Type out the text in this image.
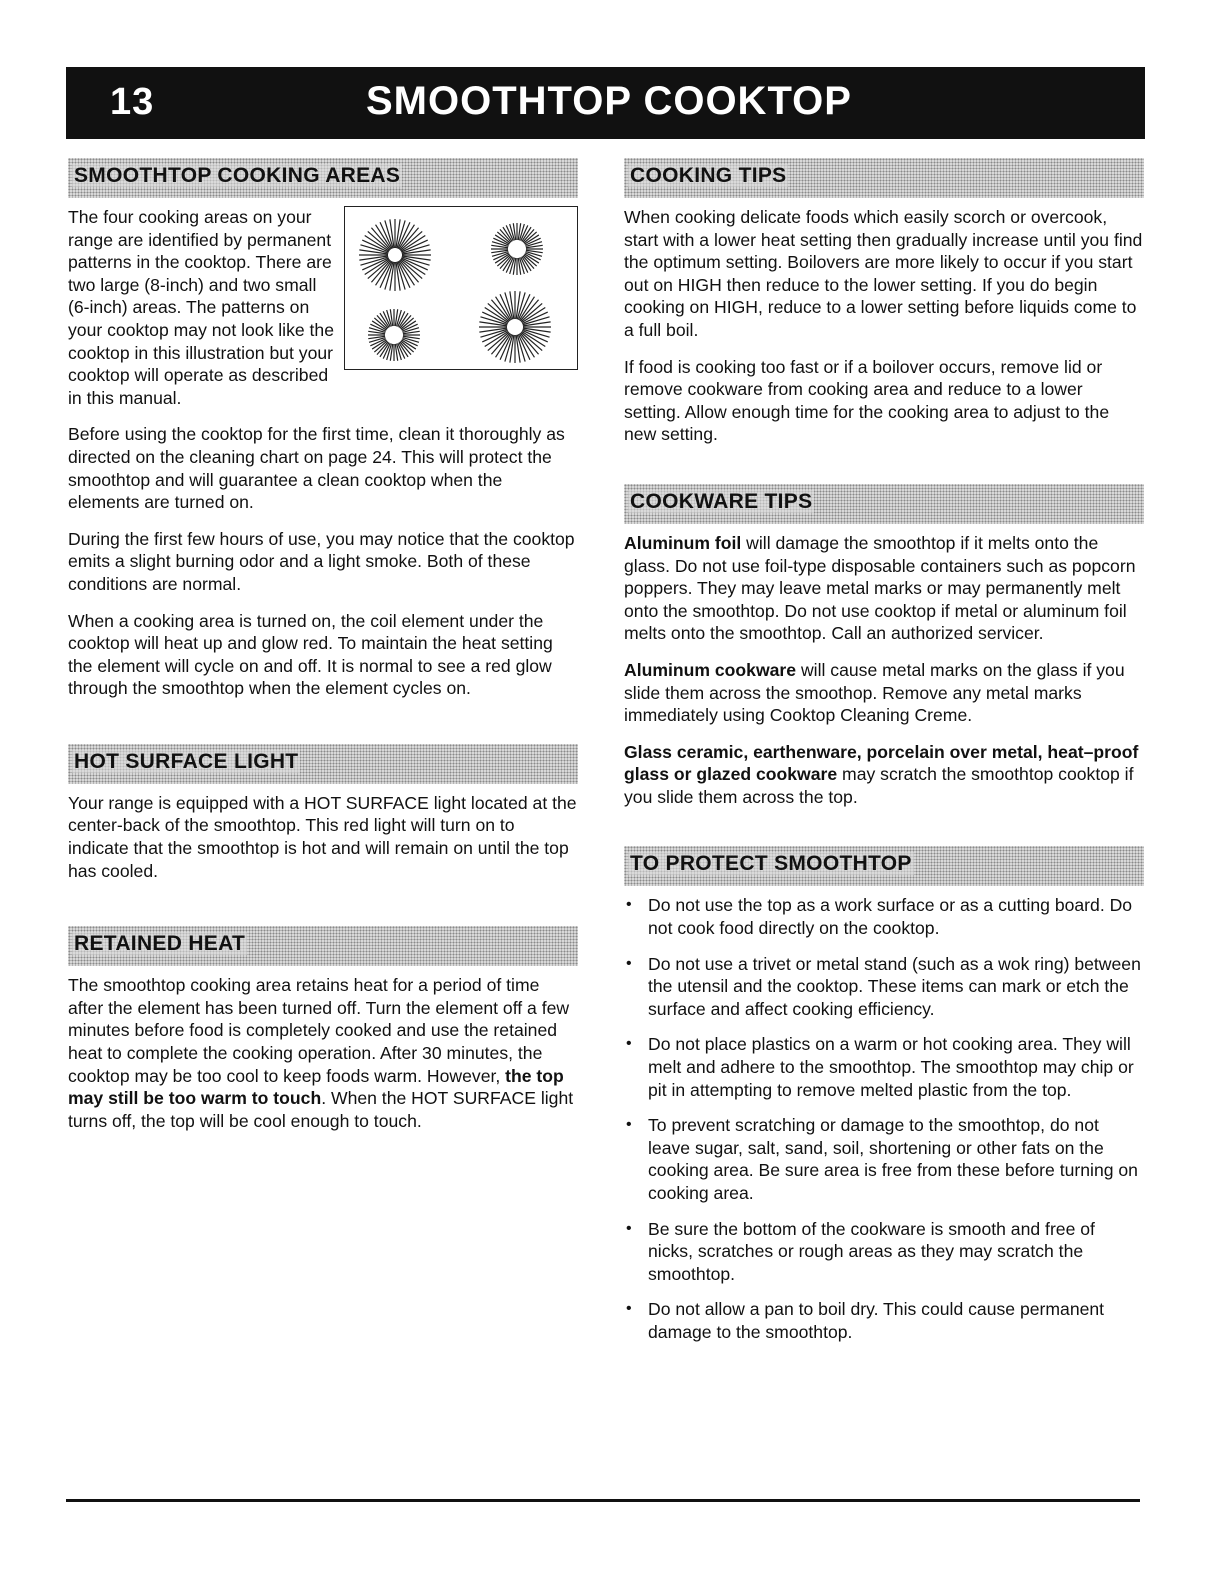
13	SMOOTHTOP COOKTOP
SMOOTHTOP COOKING AREAS

The four cooking areas on your range are identified by permanent patterns in the cooktop. There are two large (8-inch) and two small (6-inch) areas. The patterns on your cooktop may not look like the cooktop in this illustration but your cooktop will operate as described in this manual.

Before using the cooktop for the first time, clean it thoroughly as directed on the cleaning chart on page 24. This will protect the smoothtop and will guarantee a clean cooktop when the elements are turned on.

During the first few hours of use, you may notice that the cooktop emits a slight burning odor and a light smoke. Both of these conditions are normal.

When a cooking area is turned on, the coil element under the cooktop will heat up and glow red. To maintain the heat setting the element will cycle on and off. It is normal to see a red glow through the smoothtop when the element cycles on.

HOT SURFACE LIGHT

Your range is equipped with a HOT SURFACE light located at the center-back of the smoothtop. This red light will turn on to indicate that the smoothtop is hot and will remain on until the top has cooled.

RETAINED HEAT

The smoothtop cooking area retains heat for a period of time after the element has been turned off. Turn the element off a few minutes before food is completely cooked and use the retained heat to complete the cooking operation. After 30 minutes, the cooktop may be too cool to keep foods warm. However, the top may still be too warm to touch. When the HOT SURFACE light turns off, the top will be cool enough to touch.

COOKING TIPS

When cooking delicate foods which easily scorch or overcook, start with a lower heat setting then gradually increase until you find the optimum setting. Boilovers are more likely to occur if you start out on HIGH then reduce to the lower setting. If you do begin cooking on HIGH, reduce to a lower setting before liquids come to a full boil.

If food is cooking too fast or if a boilover occurs, remove lid or remove cookware from cooking area and reduce to a lower setting. Allow enough time for the cooking area to adjust to the new setting.

COOKWARE TIPS

Aluminum foil will damage the smoothtop if it melts onto the glass. Do not use foil-type disposable containers such as popcorn poppers. They may leave metal marks or may permanently melt onto the smoothtop. Do not use cooktop if metal or aluminum foil melts onto the smoothtop. Call an authorized servicer.

Aluminum cookware will cause metal marks on the glass if you slide them across the smoothop. Remove any metal marks immediately using Cooktop Cleaning Creme.

Glass ceramic, earthenware, porcelain over metal, heat–proof glass or glazed cookware may scratch the smoothtop cooktop if you slide them across the top.

TO PROTECT SMOOTHTOP
• Do not use the top as a work surface or as a cutting board. Do not cook food directly on the cooktop.
• Do not use a trivet or metal stand (such as a wok ring) between the utensil and the cooktop. These items can mark or etch the surface and affect cooking efficiency.
• Do not place plastics on a warm or hot cooking area. They will melt and adhere to the smoothtop. The smoothtop may chip or pit in attempting to remove melted plastic from the top.
• To prevent scratching or damage to the smoothtop, do not leave sugar, salt, sand, soil, shortening or other fats on the cooking area. Be sure area is free from these before turning on cooking area.
• Be sure the bottom of the cookware is smooth and free of nicks, scratches or rough areas as they may scratch the smoothtop.
• Do not allow a pan to boil dry. This could cause permanent damage to the smoothtop.
